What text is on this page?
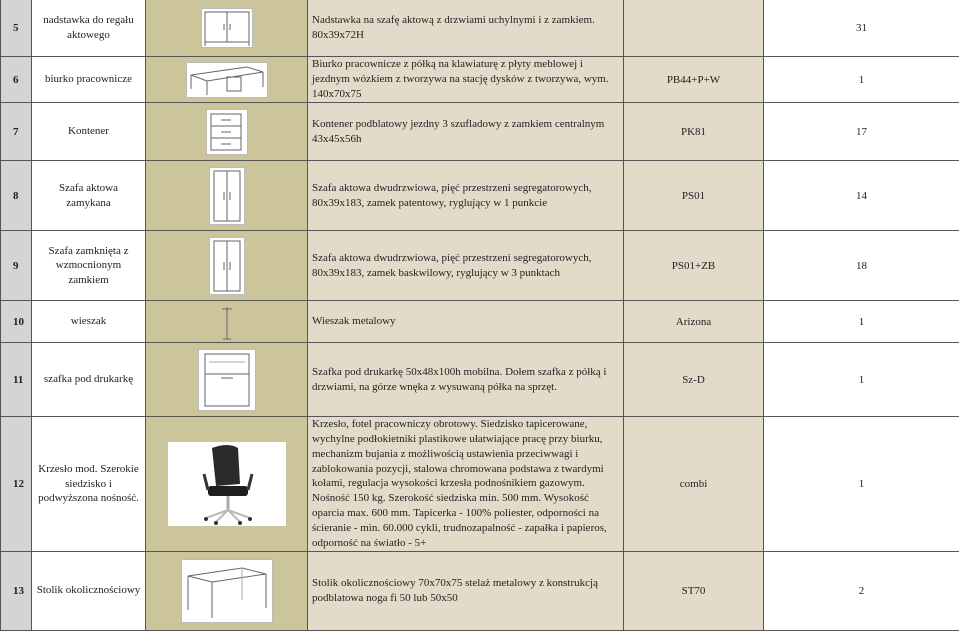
5	nadstawka do regału aktowego		Nadstawka na szafę aktową z drzwiami uchylnymi i z zamkiem. 80x39x72H		31
6	biurko pracownicze		Biurko pracownicze z półką na klawiaturę z płyty meblowej i jezdnym wózkiem z tworzywa na stację dysków z tworzywa, wym. 140x70x75	PB44+P+W	1
7	Kontener		Kontener podblatowy jezdny 3 szufladowy z zamkiem centralnym 43x45x56h	PK81	17
8	Szafa aktowa zamykana		Szafa aktowa dwudrzwiowa, pięć przestrzeni segregatorowych, 80x39x183, zamek patentowy, ryglujący w 1 punkcie	PS01	14
9	Szafa zamknięta z wzmocnionym zamkiem		Szafa aktowa dwudrzwiowa, pięć przestrzeni segregatorowych, 80x39x183, zamek baskwilowy, ryglujący w 3 punktach	PS01+ZB	18
10	wieszak		Wieszak metalowy	Arizona	1
11	szafka pod drukarkę		Szafka pod drukarkę 50x48x100h mobilna. Dołem szafka z półką i drzwiami, na górze wnęka z wysuwaną półka na sprzęt.	Sz-D	1
12	Krzesło mod. Szerokie siedzisko i podwyższona nośność.		Krzesło, fotel pracowniczy obrotowy. Siedzisko tapicerowane, wychylne podłokietniki plastikowe ułatwiające pracę przy biurku, mechanizm bujania z możliwością ustawienia przeciwwagi i zablokowania pozycji, stalowa chromowana podstawa z twardymi kołami, regulacja wysokości krzesła podnośnikiem gazowym. Nośność 150 kg. Szerokość siedziska min. 500 mm. Wysokość oparcia max. 600 mm. Tapicerka - 100% poliester, odporności na ścieranie - min. 60.000 cykli, trudnozapalność - zapałka i papieros, odporność na światło - 5+	combi	1
13	Stolik okolicznościowy		Stolik okolicznościowy 70x70x75 stelaż metalowy z konstrukcją podblatowa noga fi 50 lub 50x50	ST70	2
